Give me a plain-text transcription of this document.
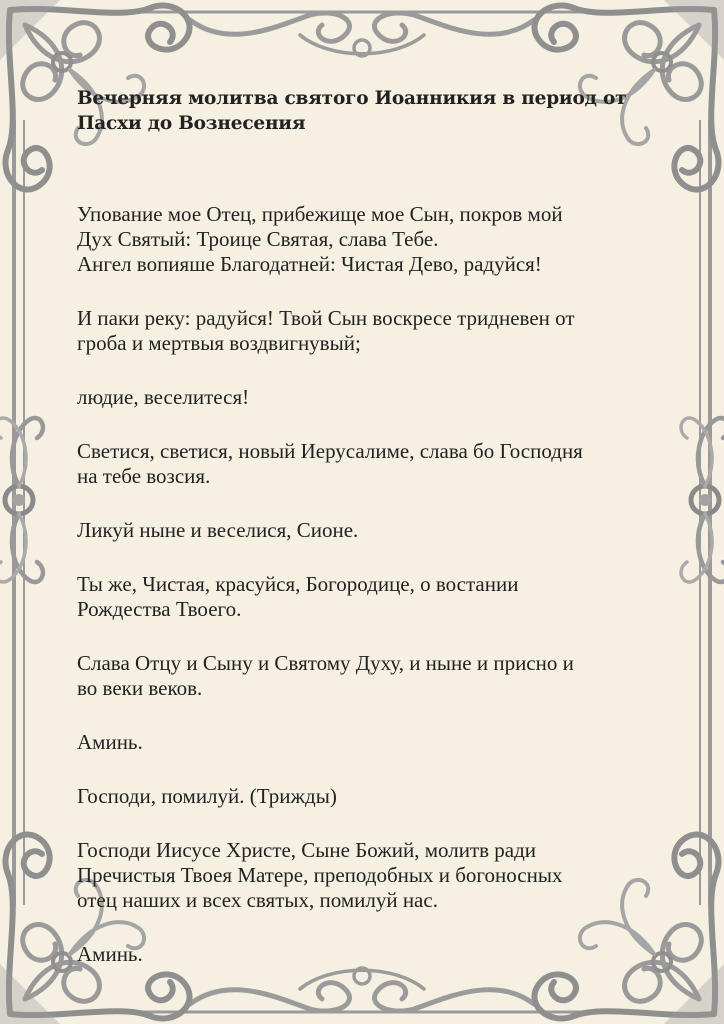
Вечерняя молитва святого Иоанникия в период от Пасхи до Вознесения
Упование мое Отец, прибежище мое Сын, покров мой
Дух Святый: Троице Святая, слава Тебе.
Ангел вопияше Благодатней: Чистая Дево, радуйся!
И паки реку: радуйся! Твой Сын воскресе тридневен от
гроба и мертвыя воздвигнувый;
людие, веселитеся!
Светися, светися, новый Иерусалиме, слава бо Господня
на тебе возсия.
Ликуй ныне и веселися, Сионе.
Ты же, Чистая, красуйся, Богородице, о востании
Рождества Твоего.
Слава Отцу и Сыну и Святому Духу, и ныне и присно и
во веки веков.
Аминь.
Господи, помилуй. (Трижды)
Господи Иисусе Христе, Сыне Божий, молитв ради
Пречистыя Твоея Матере, преподобных и богоносных
отец наших и всех святых, помилуй нас.
Аминь.
